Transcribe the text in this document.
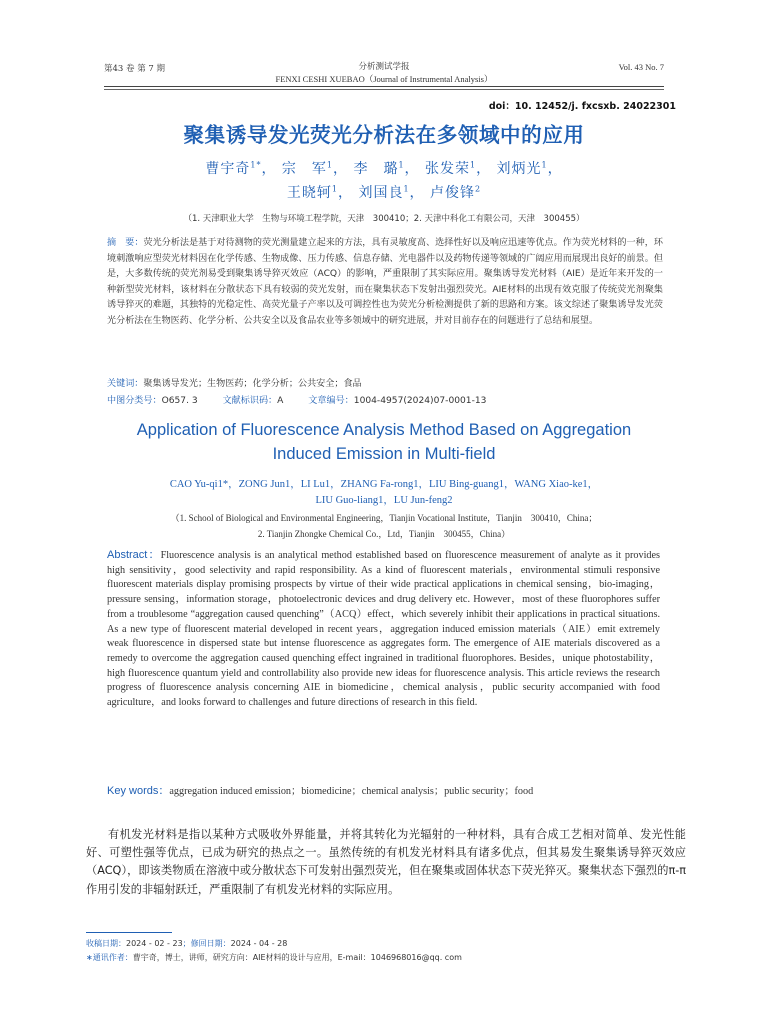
第43 卷 第 7 期	分析测试学报
FENXI CESHI XUEBAO（Journal of Instrumental Analysis）
Vol. 43 No. 7
doi：10. 12452/j. fxcsxb. 24022301
聚集诱导发光荧光分析法在多领域中的应用
曹宇奇$^{1*}$， 宗　军$^1$， 李　璐$^1$， 张发荣$^1$， 刘炳光$^1$，
王晓轲$^1$， 刘国良$^1$， 卢俊锋$^2$
（1. 天津职业大学　生物与环境工程学院，天津　300410；2. 天津中科化工有限公司，天津　300455）
摘　要：荧光分析法是基于对待测物的荧光测量建立起来的方法，具有灵敏度高、选择性好以及响应迅速等优点。作为荧光材料的一种，环境刺激响应型荧光材料因在化学传感、生物成像、压力传感、信息存储、光电器件以及药物传递等领域的广阔应用而展现出良好的前景。但是，大多数传统的荧光剂易受到聚集诱导猝灭效应（ACQ）的影响，严重限制了其实际应用。聚集诱导发光材料（AIE）是近年来开发的一种新型荧光材料，该材料在分散状态下具有较弱的荧光发射，而在聚集状态下发射出强烈荧光。AIE材料的出现有效克服了传统荧光剂聚集诱导猝灭的难题，其独特的光稳定性、高荧光量子产率以及可调控性也为荧光分析检测提供了新的思路和方案。该文综述了聚集诱导发光荧光分析法在生物医药、化学分析、公共安全以及食品农业等多领域中的研究进展，并对目前存在的问题进行了总结和展望。
关键词：聚集诱导发光；生物医药；化学分析；公共安全；食品
中图分类号：O657. 3	文献标识码：A	文章编号：1004-4957(2024)07-0001-13
Application of Fluorescence Analysis Method Based on Aggregation
Induced Emission in Multi-field
CAO Yu-qi1*，ZONG Jun1，LI Lu1，ZHANG Fa-rong1，LIU Bing-guang1，WANG Xiao-ke1，
LIU Guo-liang1，LU Jun-feng2
（1. School of Biological and Environmental Engineering，Tianjin Vocational Institute，Tianjin　300410，China；
2. Tianjin Zhongke Chemical Co.，Ltd，Tianjin　300455，China）
Abstract：Fluorescence analysis is an analytical method established based on fluorescence measurement of analyte as it provides high sensitivity，good selectivity and rapid responsibility. As a kind of fluorescent materials，environmental stimuli responsive fluorescent materials display promising prospects by virtue of their wide practical applications in chemical sensing，bio-imaging，pressure sensing，information storage，photoelectronic devices and drug delivery etc. However，most of these fluorophores suffer from a troublesome “aggregation caused quenching”（ACQ）effect，which severely inhibit their applications in practical situations. As a new type of fluorescent material developed in recent years，aggregation induced emission materials（AIE）emit extremely weak fluorescence in dispersed state but intense fluorescence as aggregates form. The emergence of AIE materials discovered as a remedy to overcome the aggregation caused quenching effect ingrained in traditional fluorophores. Besides，unique photostability，high fluorescence quantum yield and controllability also provide new ideas for fluorescence analysis. This article reviews the research progress of fluorescence analysis concerning AIE in biomedicine，chemical analysis，public security accompanied with food agriculture，and looks forward to challenges and future directions of research in this field.
Key words：aggregation induced emission；biomedicine；chemical analysis；public security；food
有机发光材料是指以某种方式吸收外界能量，并将其转化为光辐射的一种材料，具有合成工艺相对简单、发光性能好、可塑性强等优点，已成为研究的热点之一。虽然传统的有机发光材料具有诸多优点，但其易发生聚集诱导猝灭效应（ACQ），即该类物质在溶液中或分散状态下可发射出强烈荧光，但在聚集或固体状态下荧光猝灭。聚集状态下强烈的π-π作用引发的非辐射跃迁，严重限制了有机发光材料的实际应用。
收稿日期：2024 - 02 - 23；修回日期：2024 - 04 - 28
∗通讯作者：曹宇奇，博士，讲师，研究方向：AIE材料的设计与应用，E-mail：1046968016@qq. com
